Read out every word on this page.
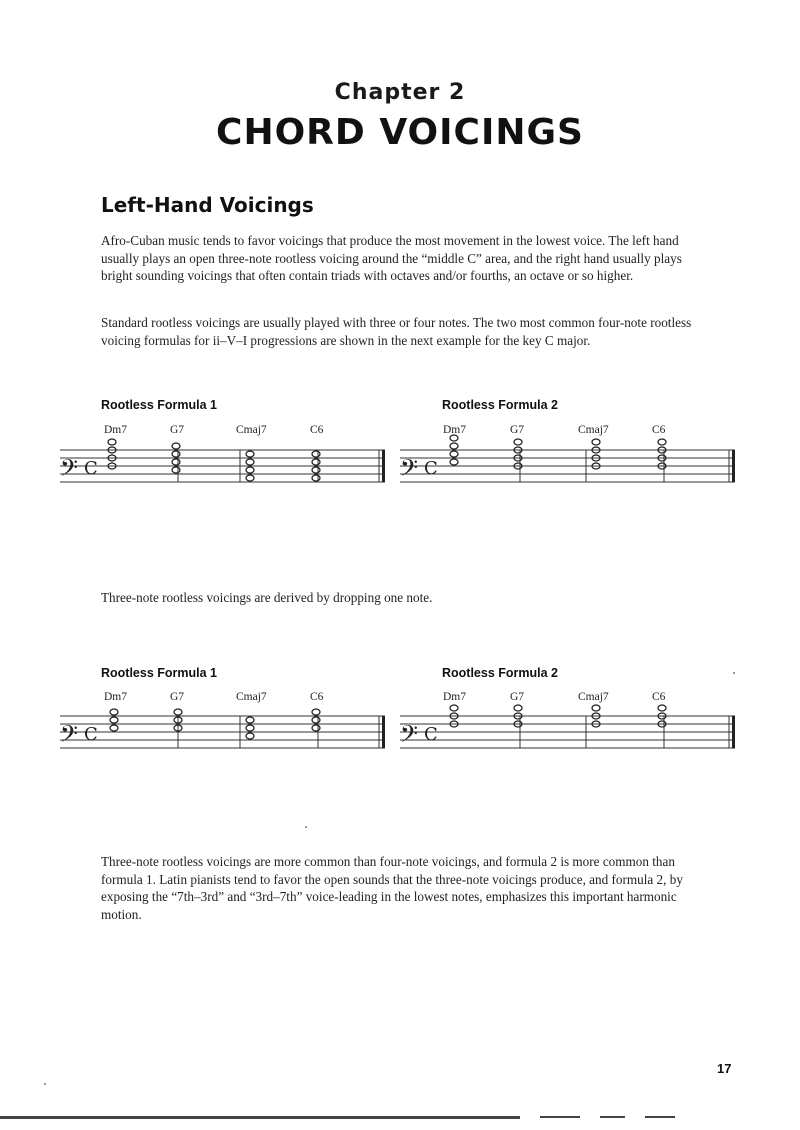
Chapter 2
CHORD VOICINGS
Left-Hand Voicings

Afro-Cuban music tends to favor voicings that produce the most movement in the lowest voice. The left hand usually plays an open three-note rootless voicing around the “middle C” area, and the right hand usually plays bright sounding voicings that often contain triads with octaves and/or fourths, an octave or so higher.

Standard rootless voicings are usually played with three or four notes. The two most common four-note rootless voicing formulas for ii–V–I progressions are shown in the next example for the key C major.

Rootless Formula 1	Rootless Formula 2
Dm7	G7	Cmaj7	C6	Dm7	G7	Cmaj7	C6
𝄢 C	𝄢 C

Three-note rootless voicings are derived by dropping one note.

Rootless Formula 1	Rootless Formula 2
Dm7	G7	Cmaj7	C6	Dm7	G7	Cmaj7	C6
𝄢 C	𝄢 C

Three-note rootless voicings are more common than four-note voicings, and formula 2 is more common than formula 1. Latin pianists tend to favor the open sounds that the three-note voicings produce, and formula 2, by exposing the “7th–3rd” and “3rd–7th” voice-leading in the lowest notes, emphasizes this important harmonic motion.

17
